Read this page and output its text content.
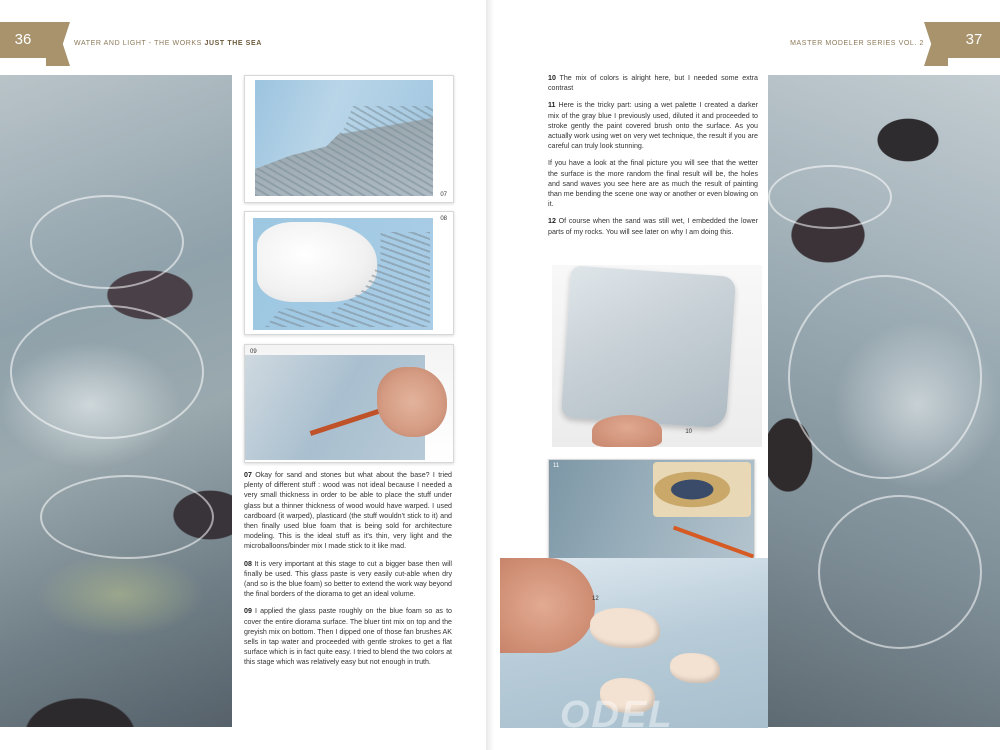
36	WATER AND LIGHT - THE WORKS JUST THE SEA
07
08
09

07 Okay for sand and stones but what about the base? I tried plenty of different stuff : wood was not ideal because I needed a very small thickness in order to be able to place the stuff under glass but a thinner thickness of wood would have warped. I used cardboard (it warped), plasticard (the stuff wouldn't stick to it) and then finally used blue foam that is being sold for architecture modeling. This is the ideal stuff as it's thin, very light and the microballoons/binder mix I made stick to it like mad.

08 It is very important at this stage to cut a bigger base then will finally be used. This glass paste is very easily cut-able when dry (and so is the blue foam) so better to extend the work way beyond the final borders of the diorama to get an ideal volume.

09 I applied the glass paste roughly on the blue foam so as to cover the entire diorama surface. The bluer tint mix on top and the greyish mix on bottom. Then I dipped one of those fan brushes AK sells in tap water and proceeded with gentle strokes to get a flat surface which is in fact quite easy. I tried to blend the two colors at this stage which was relatively easy but not enough in truth.

37
MASTER MODELER SERIES VOL. 2

10 The mix of colors is alright here, but I needed some extra contrast

11 Here is the tricky part: using a wet palette I created a darker mix of the gray blue I previously used, diluted it and proceeded to stroke gently the paint covered brush onto the surface. As you actually work using wet on very wet technique, the result if you are careful can truly look stunning.

If you have a look at the final picture you will see that the wetter the surface is the more random the final result will be, the holes and sand waves you see here are as much the result of painting than me bending the scene one way or another or even blowing on it.

12 Of course when the sand was still wet, I embedded the lower parts of my rocks. You will see later on why I am doing this.

10
11
12
ODEL
